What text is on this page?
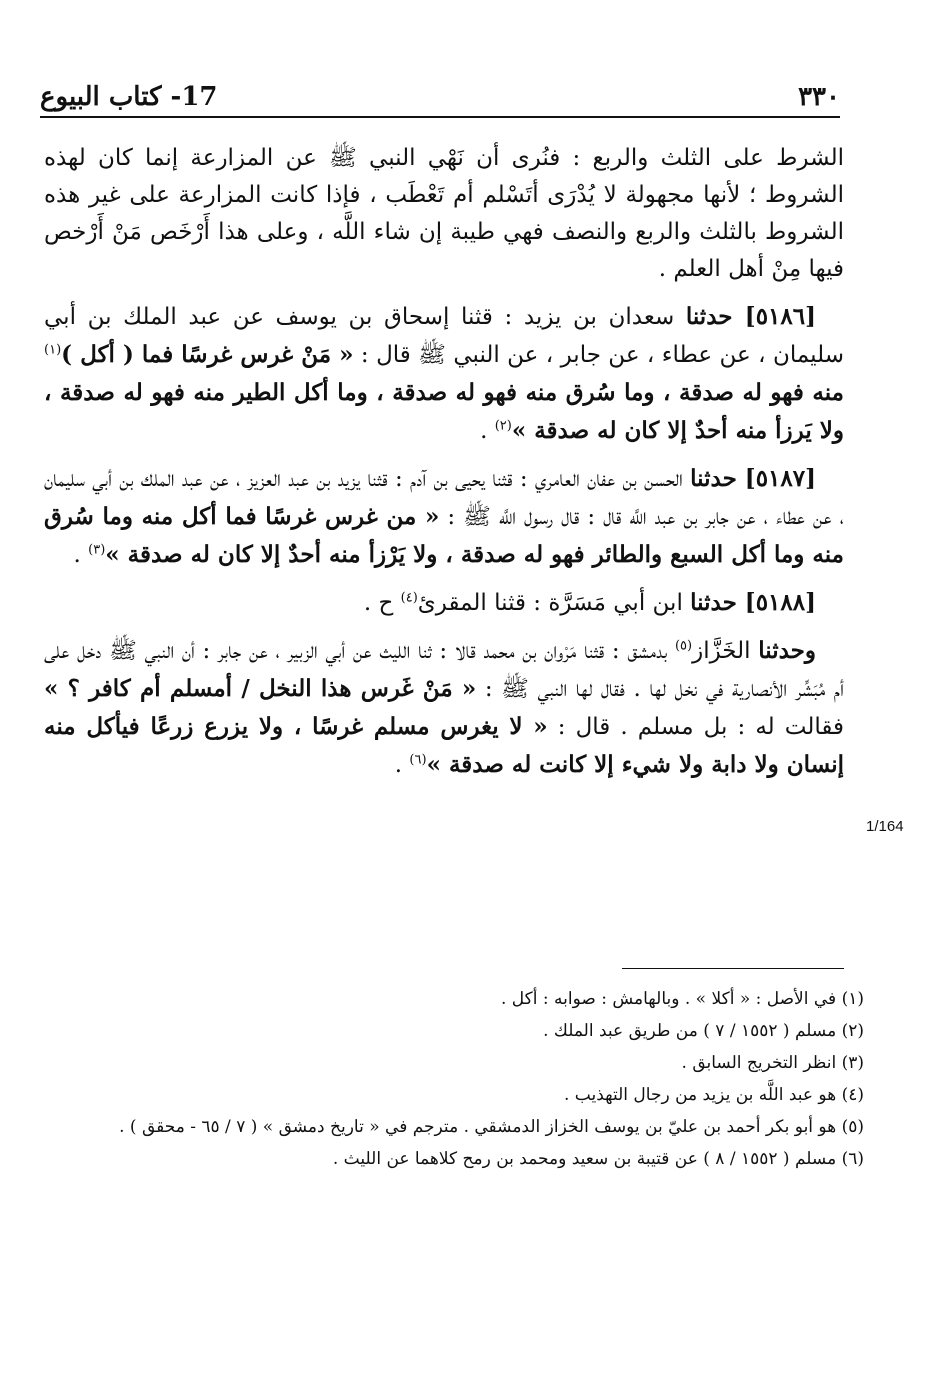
٣٣٠
17- كتاب البيوع

الشرط على الثلث والربع : فنُرى أن نَهْي النبي ﷺ عن المزارعة إنما كان لهذه الشروط ؛ لأنها مجهولة لا يُدْرَى أتَسْلم أم تَعْطَب ، فإذا كانت المزارعة على غير هذه الشروط بالثلث والربع والنصف فهي طيبة إن شاء اللَّه ، وعلى هذا أَرْخَص مَنْ أَرْخص فيها مِنْ أهل العلم .

[٥١٨٦] حدثنا سعدان بن يزيد : قثنا إسحاق بن يوسف عن عبد الملك بن أبي سليمان ، عن عطاء ، عن جابر ، عن النبي ﷺ قال : « مَنْ غرس غرسًا فما ( أكل )$^{(١)}$ منه فهو له صدقة ، وما سُرق منه فهو له صدقة ، وما أكل الطير منه فهو له صدقة ، ولا يَرزأ منه أحدٌ إلا كان له صدقة »$^{(٢)}$ .

[٥١٨٧] حدثنا الحسن بن عفان العامري : قثنا يحيى بن آدم : قثنا يزيد بن عبد العزيز ، عن عبد الملك بن أبي سليمان ، عن عطاء ، عن جابر بن عبد اللَّه قال : قال رسول اللَّه ﷺ : « من غرس غرسًا فما أكل منه وما سُرق منه وما أكل السبع والطائر فهو له صدقة ، ولا يَرْزأ منه أحدٌ إلا كان له صدقة »$^{(٣)}$ .

[٥١٨٨] حدثنا ابن أبي مَسَرَّة : قثنا المقرئ$^{(٤)}$ ح .

وحدثنا الخَزَّاز$^{(٥)}$ بدمشق : قثنا مَرْوان بن محمد قالا : ثنا الليث عن أبي الزبير ، عن جابر : أن النبي ﷺ دخل على أم مُبَشِّر الأنصارية في نخل لها . فقال لها النبي ﷺ : « مَنْ غَرس هذا النخل / أمسلم أم كافر ؟ » فقالت له : بل مسلم . قال : « لا يغرس مسلم غرسًا ، ولا يزرع زرعًا فيأكل منه إنسان ولا دابة ولا شيء إلا كانت له صدقة »$^{(٦)}$ .

1/164
(١) في الأصل : « أكلا » . وبالهامش : صوابه : أكل .
(٢) مسلم ( ١٥٥٢ / ٧ ) من طريق عبد الملك .
(٣) انظر التخريج السابق .
(٤) هو عبد اللَّه بن يزيد من رجال التهذيب .
(٥) هو أبو بكر أحمد بن عليّ بن يوسف الخزاز الدمشقي . مترجم في « تاريخ دمشق » ( ٧ / ٦٥ - محقق ) .
(٦) مسلم ( ١٥٥٢ / ٨ ) عن قتيبة بن سعيد ومحمد بن رمح كلاهما عن الليث .
